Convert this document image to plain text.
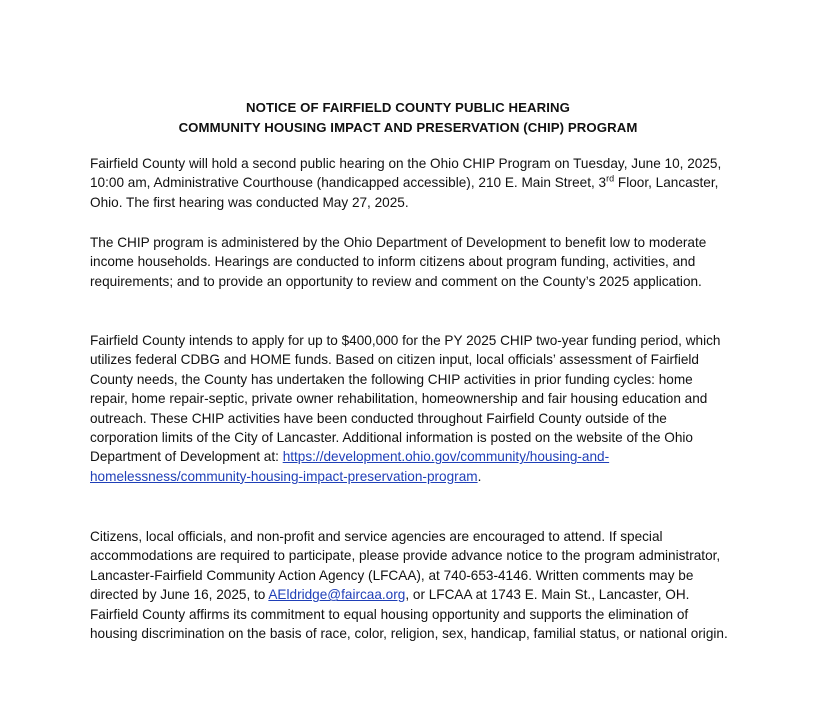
NOTICE OF FAIRFIELD COUNTY PUBLIC HEARING
COMMUNITY HOUSING IMPACT AND PRESERVATION (CHIP) PROGRAM
Fairfield County will hold a second public hearing on the Ohio CHIP Program on Tuesday, June 10, 2025, 10:00 am, Administrative Courthouse (handicapped accessible), 210 E. Main Street, 3rd Floor, Lancaster, Ohio. The first hearing was conducted May 27, 2025.
The CHIP program is administered by the Ohio Department of Development to benefit low to moderate income households. Hearings are conducted to inform citizens about program funding, activities, and requirements; and to provide an opportunity to review and comment on the County’s 2025 application.
Fairfield County intends to apply for up to $400,000 for the PY 2025 CHIP two-year funding period, which utilizes federal CDBG and HOME funds. Based on citizen input, local officials’ assessment of Fairfield County needs, the County has undertaken the following CHIP activities in prior funding cycles: home repair, home repair-septic, private owner rehabilitation, homeownership and fair housing education and outreach. These CHIP activities have been conducted throughout Fairfield County outside of the corporation limits of the City of Lancaster. Additional information is posted on the website of the Ohio Department of Development at: https://development.ohio.gov/community/housing-and-homelessness/community-housing-impact-preservation-program.
Citizens, local officials, and non-profit and service agencies are encouraged to attend. If special accommodations are required to participate, please provide advance notice to the program administrator, Lancaster-Fairfield Community Action Agency (LFCAA), at 740-653-4146. Written comments may be directed by June 16, 2025, to AEldridge@faircaa.org, or LFCAA at 1743 E. Main St., Lancaster, OH. Fairfield County affirms its commitment to equal housing opportunity and supports the elimination of housing discrimination on the basis of race, color, religion, sex, handicap, familial status, or national origin.
